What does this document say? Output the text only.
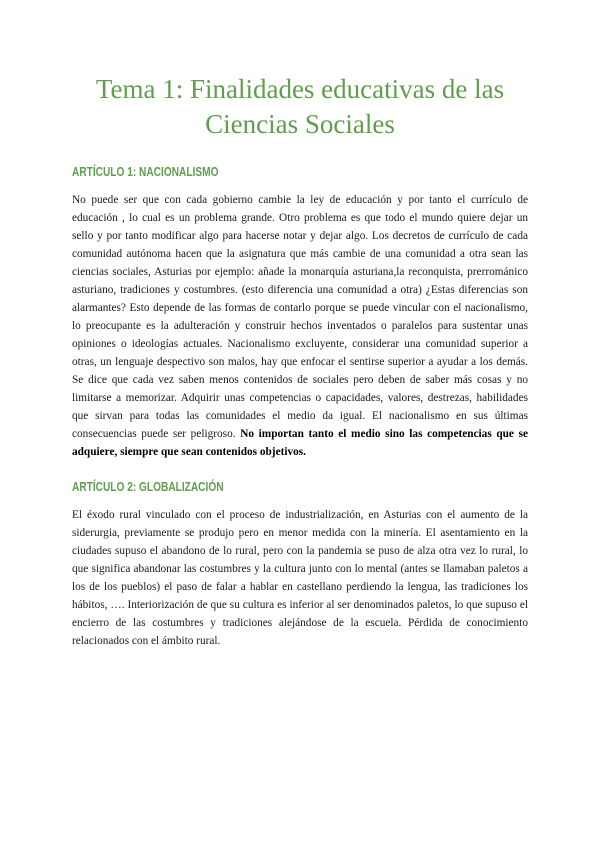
Tema 1: Finalidades educativas de las Ciencias Sociales
ARTÍCULO 1: NACIONALISMO

No puede ser que con cada gobierno cambie la ley de educación y por tanto el currículo de educación , lo cual es un problema grande. Otro problema es que todo el mundo quiere dejar un sello y por tanto modificar algo para hacerse notar y dejar algo. Los decretos de currículo de cada comunidad autónoma hacen que la asignatura que más cambie de una comunidad a otra sean las ciencias sociales, Asturias por ejemplo: añade la monarquía asturiana,la reconquista, prerrománico asturiano, tradiciones y costumbres. (esto diferencia una comunidad a otra) ¿Estas diferencias son alarmantes? Esto depende de las formas de contarlo porque se puede vincular con el nacionalismo, lo preocupante es la adulteración y construir hechos inventados o paralelos para sustentar unas opiniones o ideologías actuales. Nacionalismo excluyente, considerar una comunidad superior a otras, un lenguaje despectivo son malos, hay que enfocar el sentirse superior a ayudar a los demás. Se dice que cada vez saben menos contenidos de sociales pero deben de saber más cosas y no limitarse a memorizar. Adquirir unas competencias o capacidades, valores, destrezas, habilidades que sirvan para todas las comunidades el medio da igual. El nacionalismo en sus últimas consecuencias puede ser peligroso. No importan tanto el medio sino las competencias que se adquiere, siempre que sean contenidos objetivos.

ARTÍCULO 2: GLOBALIZACIÓN

El éxodo rural vinculado con el proceso de industrialización, en Asturias con el aumento de la siderurgia, previamente se produjo pero en menor medida con la minería. El asentamiento en la ciudades supuso el abandono de lo rural, pero con la pandemia se puso de alza otra vez lo rural, lo que significa abandonar las costumbres y la cultura junto con lo mental (antes se llamaban paletos a los de los pueblos) el paso de falar a hablar en castellano perdiendo la lengua, las tradiciones los hábitos, …. Interiorización de que su cultura es inferior al ser denominados paletos, lo que supuso el encierro de las costumbres y tradiciones alejándose de la escuela. Pérdida de conocimiento relacionados con el ámbito rural.
